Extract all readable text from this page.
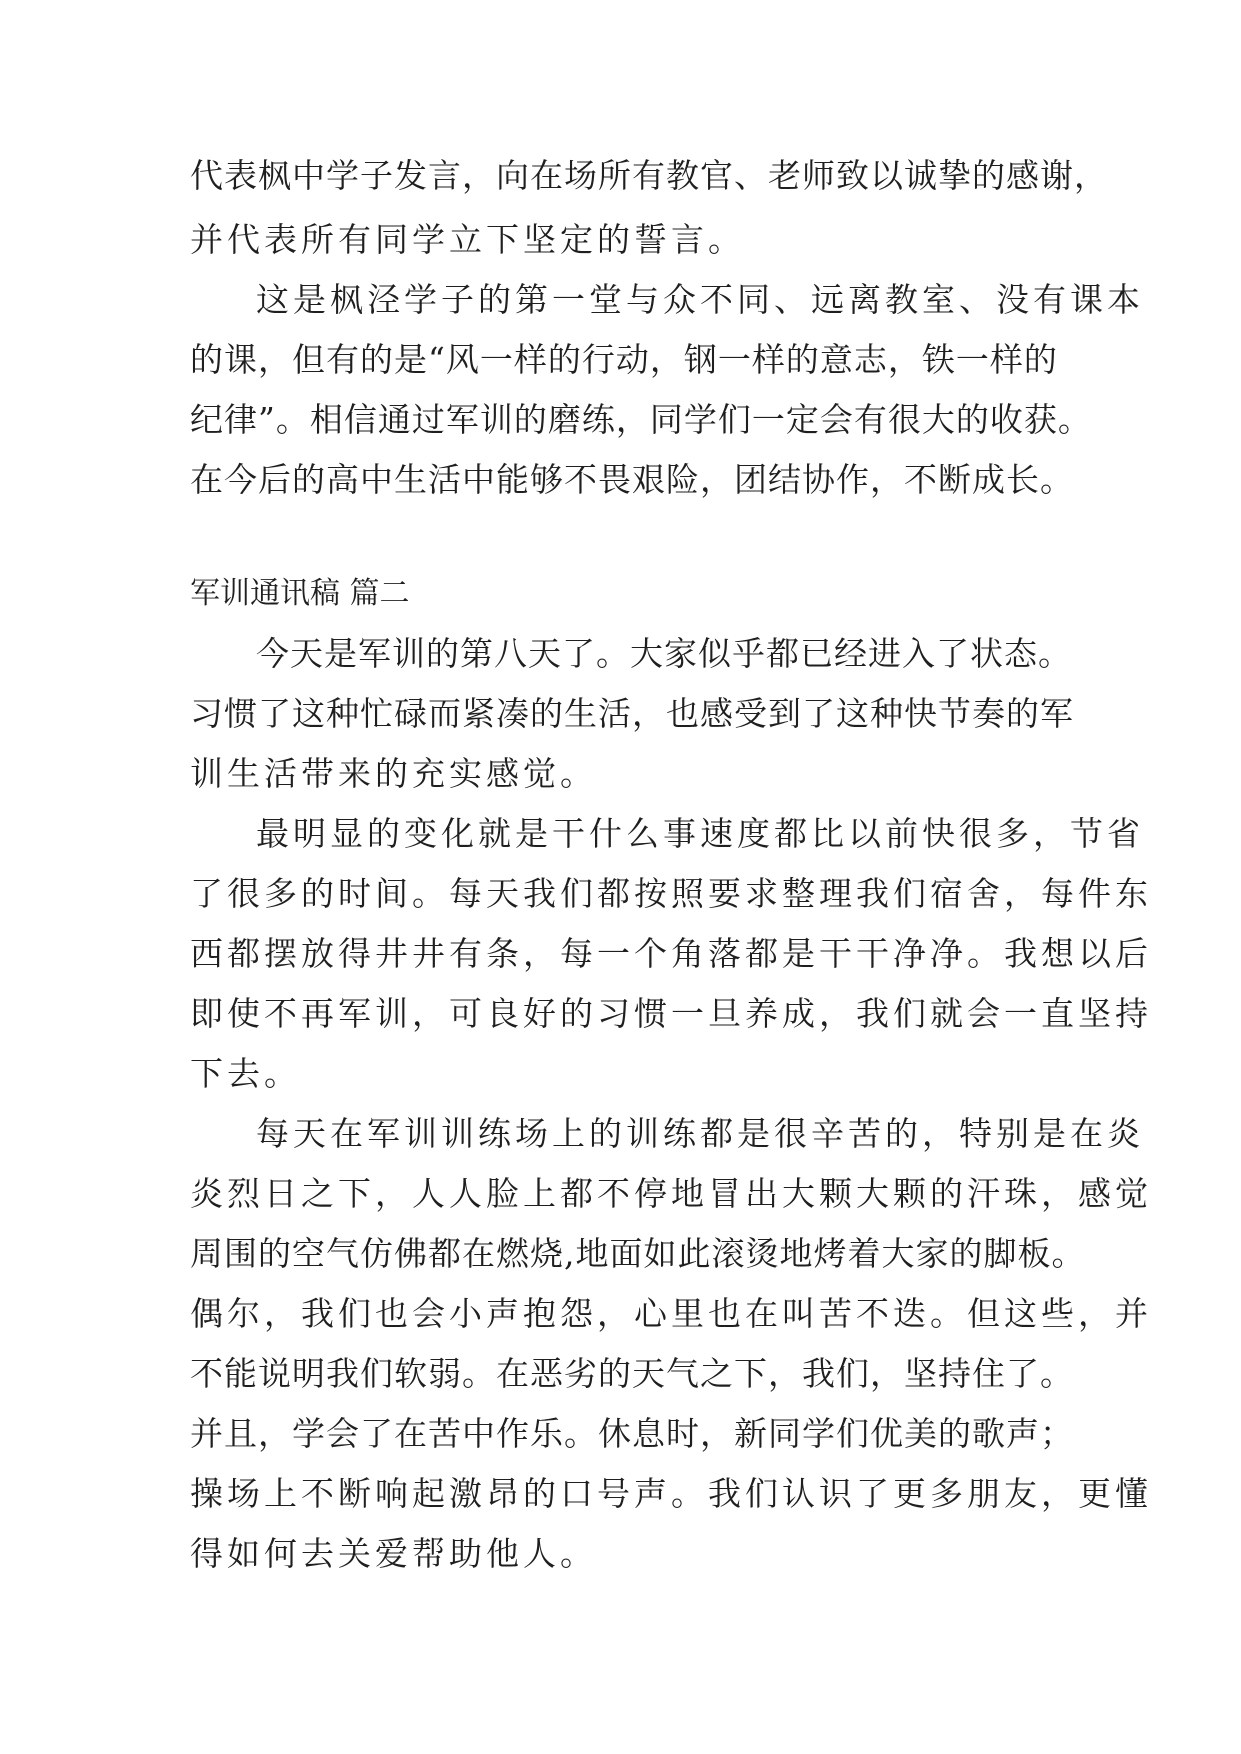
代表枫中学子发言，向在场所有教官、老师致以诚挚的感谢，
并代表所有同学立下坚定的誓言。
这是枫泾学子的第一堂与众不同、远离教室、没有课本
的课，但有的是“风一样的行动，钢一样的意志，铁一样的
纪律”。相信通过军训的磨练，同学们一定会有很大的收获。
在今后的高中生活中能够不畏艰险，团结协作，不断成长。
军训通讯稿 篇二
今天是军训的第八天了。大家似乎都已经进入了状态。
习惯了这种忙碌而紧凑的生活，也感受到了这种快节奏的军
训生活带来的充实感觉。
最明显的变化就是干什么事速度都比以前快很多，节省
了很多的时间。每天我们都按照要求整理我们宿舍，每件东
西都摆放得井井有条，每一个角落都是干干净净。我想以后
即使不再军训，可良好的习惯一旦养成，我们就会一直坚持
下去。
每天在军训训练场上的训练都是很辛苦的，特别是在炎
炎烈日之下，人人脸上都不停地冒出大颗大颗的汗珠，感觉
周围的空气仿佛都在燃烧,地面如此滚烫地烤着大家的脚板。
偶尔，我们也会小声抱怨，心里也在叫苦不迭。但这些，并
不能说明我们软弱。在恶劣的天气之下，我们，坚持住了。
并且，学会了在苦中作乐。休息时，新同学们优美的歌声；
操场上不断响起激昂的口号声。我们认识了更多朋友，更懂
得如何去关爱帮助他人。
